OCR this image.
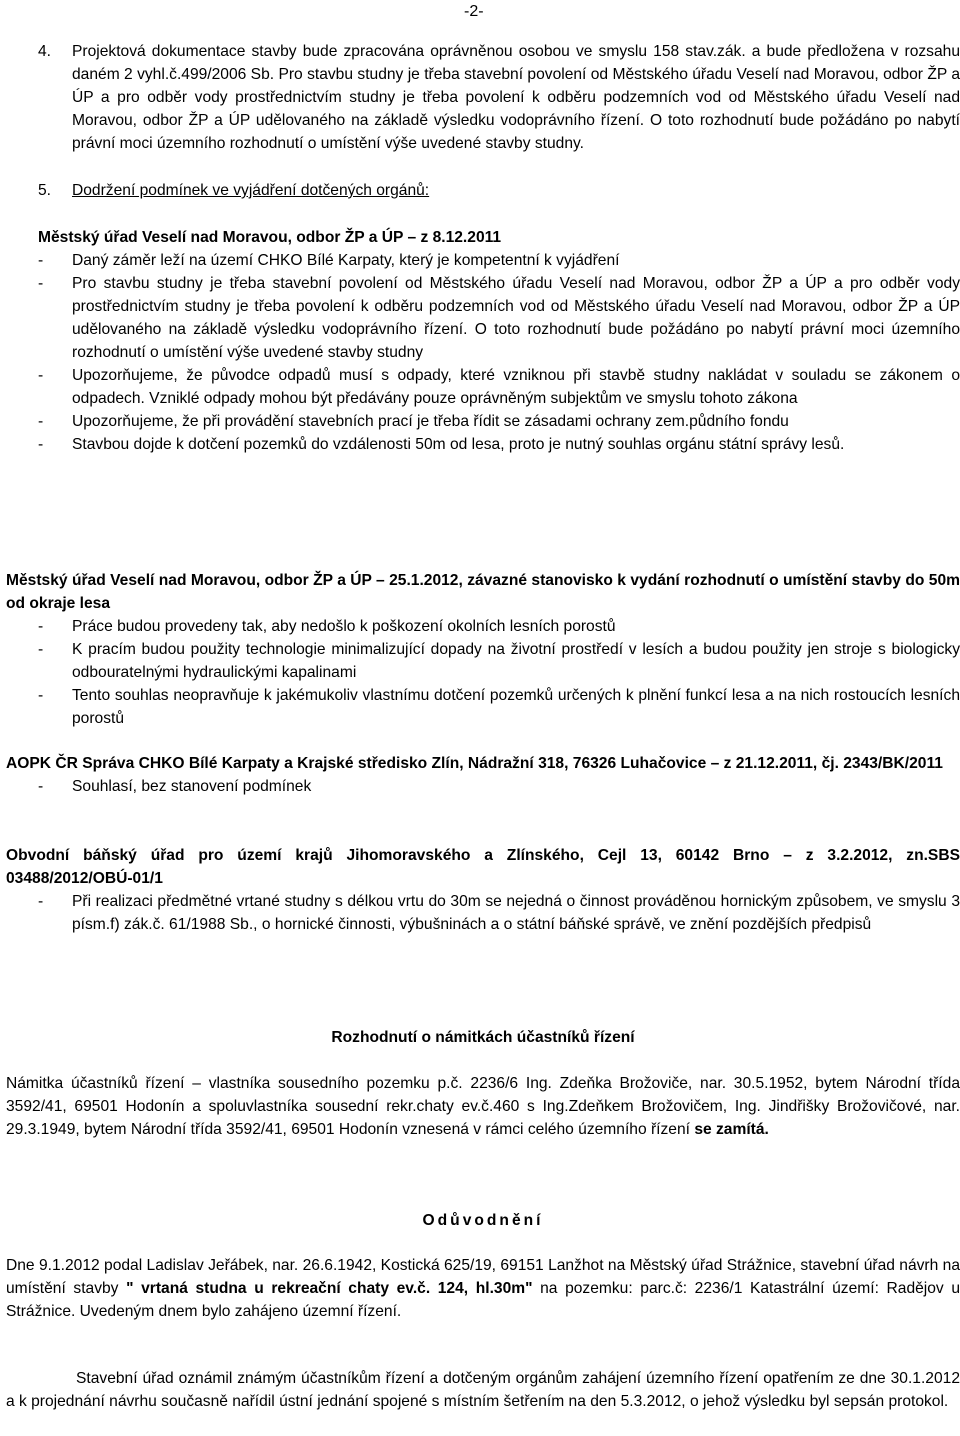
-2-
4. Projektová dokumentace stavby bude zpracována oprávněnou osobou ve smyslu 158 stav.zák. a bude předložena v rozsahu daném 2 vyhl.č.499/2006 Sb. Pro stavbu studny je třeba stavební povolení od Městského úřadu Veselí nad Moravou, odbor ŽP a ÚP a pro odběr vody prostřednictvím studny je třeba povolení k odběru podzemních vod od Městského úřadu Veselí nad Moravou, odbor ŽP a ÚP udělovaného na základě výsledku vodoprávního řízení. O toto rozhodnutí bude požádáno po nabytí právní moci územního rozhodnutí o umístění výše uvedené stavby studny.
5. Dodržení podmínek ve vyjádření dotčených orgánů:
Městský úřad Veselí nad Moravou, odbor ŽP a ÚP – z 8.12.2011
- Daný záměr leží na území CHKO Bílé Karpaty, který je kompetentní k vyjádření
- Pro stavbu studny je třeba stavební povolení od Městského úřadu Veselí nad Moravou, odbor ŽP a ÚP a pro odběr vody prostřednictvím studny je třeba povolení k odběru podzemních vod od Městského úřadu Veselí nad Moravou, odbor ŽP a ÚP udělovaného na základě výsledku vodoprávního řízení. O toto rozhodnutí bude požádáno po nabytí právní moci územního rozhodnutí o umístění výše uvedené stavby studny
- Upozorňujeme, že původce odpadů musí s odpady, které vzniknou při stavbě studny nakládat v souladu se zákonem o odpadech. Vzniklé odpady mohou být předávány pouze oprávněným subjektům ve smyslu tohoto zákona
- Upozorňujeme, že při provádění stavebních prací je třeba řídit se zásadami ochrany zem.půdního fondu
- Stavbou dojde k dotčení pozemků do vzdálenosti 50m od lesa, proto je nutný souhlas orgánu státní správy lesů.
Městský úřad Veselí nad Moravou, odbor ŽP a ÚP – 25.1.2012, závazné stanovisko k vydání rozhodnutí o umístění stavby do 50m od okraje lesa
- Práce budou provedeny tak, aby nedošlo k poškození okolních lesních porostů
- K pracím budou použity technologie minimalizující dopady na životní prostředí v lesích a budou použity jen stroje s biologicky odbouratelnými hydraulickými kapalinami
- Tento souhlas neopravňuje k jakémukoliv vlastnímu dotčení pozemků určených k plnění funkcí lesa a na nich rostoucích lesních porostů
AOPK ČR Správa CHKO Bílé Karpaty a Krajské středisko Zlín, Nádražní 318, 76326 Luhačovice – z 21.12.2011, čj. 2343/BK/2011
- Souhlasí, bez stanovení podmínek
Obvodní báňský úřad pro území krajů Jihomoravského a Zlínského, Cejl 13, 60142 Brno – z 3.2.2012, zn.SBS 03488/2012/OBÚ-01/1
- Při realizaci předmětné vrtané studny s délkou vrtu do 30m se nejedná o činnost prováděnou hornickým způsobem, ve smyslu 3 písm.f) zák.č. 61/1988 Sb., o hornické činnosti, výbušninách a o státní báňské správě, ve znění pozdějších předpisů
Rozhodnutí o námitkách účastníků řízení
Námitka účastníků řízení – vlastníka sousedního pozemku p.č. 2236/6 Ing. Zdeňka Brožoviče, nar. 30.5.1952, bytem Národní třída 3592/41, 69501 Hodonín a spoluvlastníka sousední rekr.chaty ev.č.460 s Ing.Zdeňkem Brožovičem, Ing. Jindřišky Brožovičové, nar. 29.3.1949, bytem Národní třída 3592/41, 69501 Hodonín vznesená v rámci celého územního řízení se zamítá.
Odůvodnění
Dne 9.1.2012 podal Ladislav Jeřábek, nar. 26.6.1942, Kostická 625/19, 69151 Lanžhot na Městský úřad Strážnice, stavební úřad návrh na umístění stavby " vrtaná studna u rekreační chaty ev.č. 124, hl.30m" na pozemku: parc.č: 2236/1 Katastrální území: Radějov u Strážnice. Uvedeným dnem bylo zahájeno územní řízení.
Stavební úřad oznámil známým účastníkům řízení a dotčeným orgánům zahájení územního řízení opatřením ze dne 30.1.2012 a k projednání návrhu současně nařídil ústní jednání spojené s místním šetřením na den 5.3.2012, o jehož výsledku byl sepsán protokol.
